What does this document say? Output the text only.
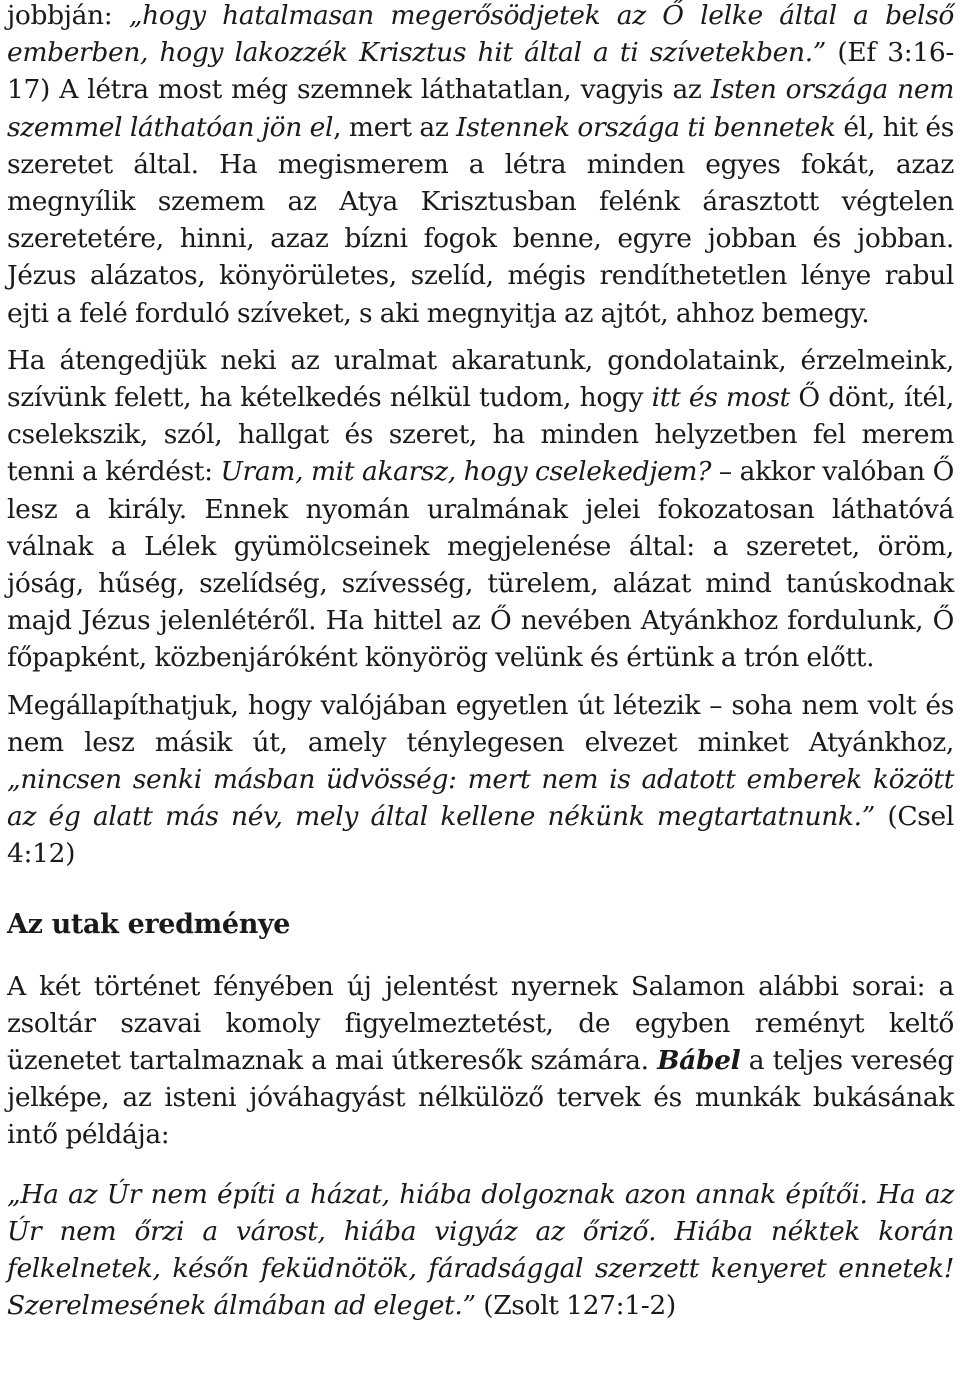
jobbján: „hogy hatalmasan megerősödjetek az Ő lelke által a belső emberben, hogy lakozzék Krisztus hit által a ti szívetekben.” (Ef 3:16-17) A létra most még szemnek láthatatlan, vagyis az Isten országa nem szemmel láthatóan jön el, mert az Istennek országa ti bennetek él, hit és szeretet által. Ha megismerem a létra minden egyes fokát, azaz megnyílik szemem az Atya Krisztusban felénk árasztott végtelen szeretetére, hinni, azaz bízni fogok benne, egyre jobban és jobban. Jézus alázatos, könyörületes, szelíd, mégis rendíthetetlen lénye rabul ejti a felé forduló szíveket, s aki megnyitja az ajtót, ahhoz bemegy.

Ha átengedjük neki az uralmat akaratunk, gondolataink, érzelmeink, szívünk felett, ha kételkedés nélkül tudom, hogy itt és most Ő dönt, ítél, cselekszik, szól, hallgat és szeret, ha minden helyzetben fel merem tenni a kérdést: Uram, mit akarsz, hogy cselekedjem? – akkor valóban Ő lesz a király. Ennek nyomán uralmának jelei fokozatosan láthatóvá válnak a Lélek gyümölcseinek megjelenése által: a szeretet, öröm, jóság, hűség, szelídség, szívesség, türelem, alázat mind tanúskodnak majd Jézus jelenlétéről. Ha hittel az Ő nevében Atyánkhoz fordulunk, Ő főpapként, közbenjáróként könyörög velünk és értünk a trón előtt.

Megállapíthatjuk, hogy valójában egyetlen út létezik – soha nem volt és nem lesz másik út, amely ténylegesen elvezet minket Atyánkhoz, „nincsen senki másban üdvösség: mert nem is adatott emberek között az ég alatt más név, mely által kellene nékünk megtartatnunk.” (Csel 4:12)

Az utak eredménye

A két történet fényében új jelentést nyernek Salamon alábbi sorai: a zsoltár szavai komoly figyelmeztetést, de egyben reményt keltő üzenetet tartalmaznak a mai útkeresők számára. Bábel a teljes vereség jelképe, az isteni jóváhagyást nélkülöző tervek és munkák bukásának intő példája:

„Ha az Úr nem építi a házat, hiába dolgoznak azon annak építői. Ha az Úr nem őrzi a várost, hiába vigyáz az őriző. Hiába néktek korán felkelnetek, későn feküdnötök, fáradsággal szerzett kenyeret ennetek! Szerelmesének álmában ad eleget.” (Zsolt 127:1-2)
